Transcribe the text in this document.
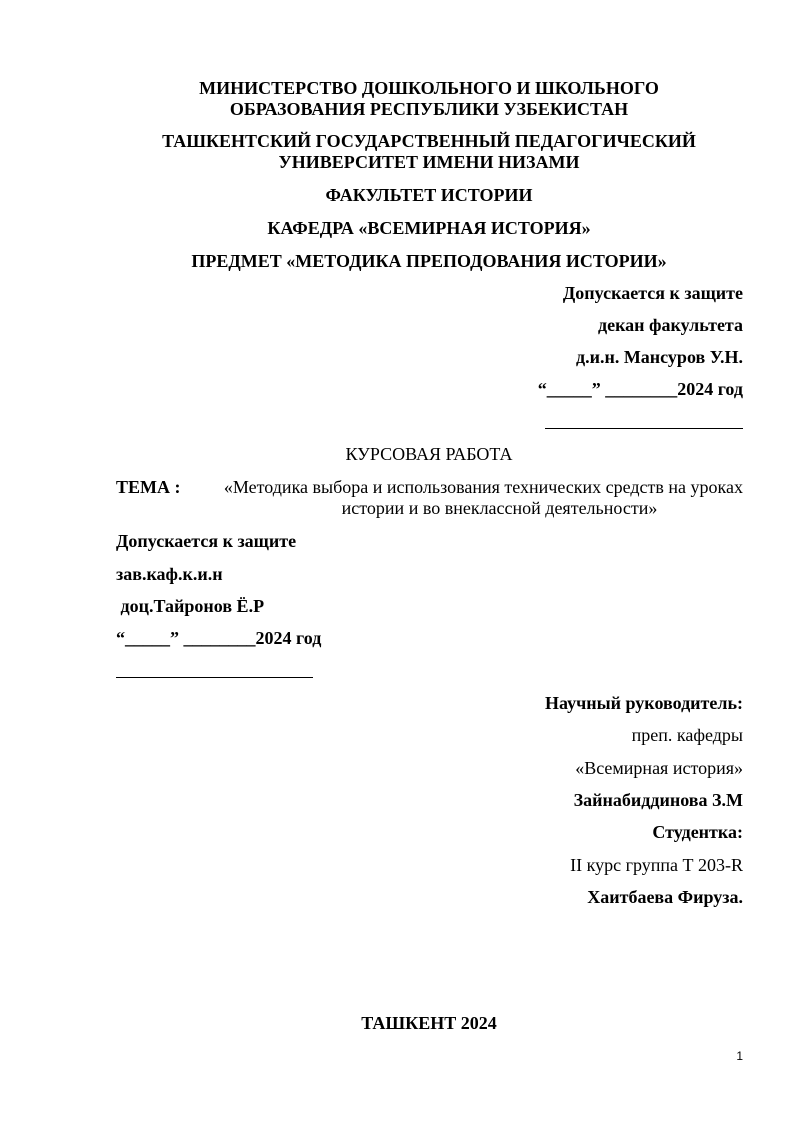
МИНИСТЕРСТВО ДОШКОЛЬНОГО И ШКОЛЬНОГО
ОБРАЗОВАНИЯ РЕСПУБЛИКИ УЗБЕКИСТАН
ТАШКЕНТСКИЙ ГОСУДАРСТВЕННЫЙ ПЕДАГОГИЧЕСКИЙ
УНИВЕРСИТЕТ ИМЕНИ НИЗАМИ
ФАКУЛЬТЕТ ИСТОРИИ
КАФЕДРА «ВСЕМИРНАЯ ИСТОРИЯ»
ПРЕДМЕТ «МЕТОДИКА ПРЕПОДОВАНИЯ ИСТОРИИ»
Допускается к защите
декан факультета
д.и.н. Мансуров У.Н.
“_____” ________2024 год
КУРСОВАЯ РАБОТА
ТЕМА : «Методика выбора и использования технических средств на уроках
истории и во внеклассной деятельности»
Допускается к защите
зав.каф.к.и.н
доц.Тайронов Ё.Р
“_____” ________2024 год
Научный руководитель:
преп. кафедры
«Всемирная история»
Зайнабиддинова З.М
Студентка:
II курс группа Т 203-R
Хаитбаева Фируза.
ТАШКЕНТ 2024
1
